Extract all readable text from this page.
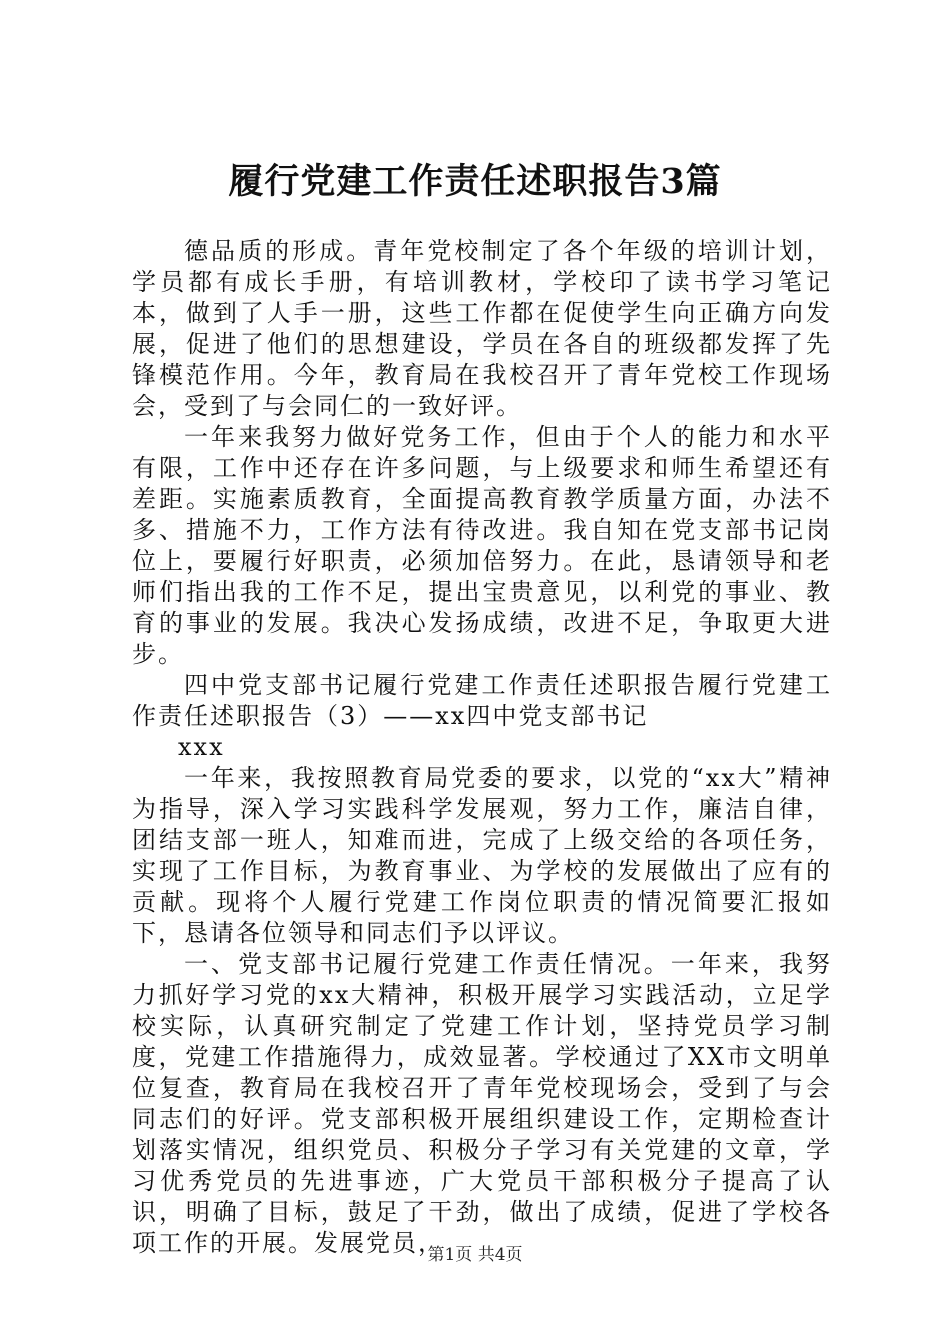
履行党建工作责任述职报告3篇

德品质的形成。青年党校制定了各个年级的培训计划，学员都有成长手册，有培训教材，学校印了读书学习笔记本，做到了人手一册，这些工作都在促使学生向正确方向发展，促进了他们的思想建设，学员在各自的班级都发挥了先锋模范作用。今年，教育局在我校召开了青年党校工作现场会，受到了与会同仁的一致好评。

一年来我努力做好党务工作，但由于个人的能力和水平有限，工作中还存在许多问题，与上级要求和师生希望还有差距。实施素质教育，全面提高教育教学质量方面，办法不多、措施不力，工作方法有待改进。我自知在党支部书记岗位上，要履行好职责，必须加倍努力。在此，恳请领导和老师们指出我的工作不足，提出宝贵意见，以利党的事业、教育的事业的发展。我决心发扬成绩，改进不足，争取更大进步。

四中党支部书记履行党建工作责任述职报告履行党建工作责任述职报告（3）——xx四中党支部书记

xxx

一年来，我按照教育局党委的要求，以党的“xx大”精神为指导，深入学习实践科学发展观，努力工作，廉洁自律，团结支部一班人，知难而进，完成了上级交给的各项任务，实现了工作目标，为教育事业、为学校的发展做出了应有的贡献。现将个人履行党建工作岗位职责的情况简要汇报如下，恳请各位领导和同志们予以评议。

一、党支部书记履行党建工作责任情况。一年来，我努力抓好学习党的xx大精神，积极开展学习实践活动，立足学校实际，认真研究制定了党建工作计划，坚持党员学习制度，党建工作措施得力，成效显著。学校通过了XX市文明单位复查，教育局在我校召开了青年党校现场会，受到了与会同志们的好评。党支部积极开展组织建设工作，定期检查计划落实情况，组织党员、积极分子学习有关党建的文章，学习优秀党员的先进事迹，广大党员干部积极分子提高了认识，明确了目标，鼓足了干劲，做出了成绩，促进了学校各项工作的开展。发展党员，

第1页 共4页
